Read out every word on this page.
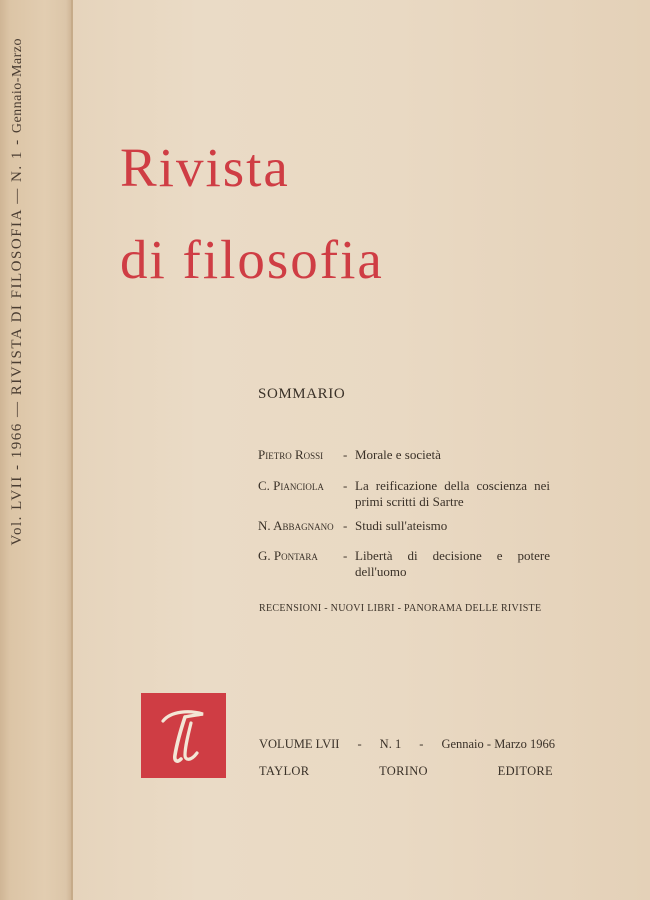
Vol. LVII - 1966 — RIVISTA DI FILOSOFIA — N. 1 - Gennaio-Marzo
Rivista
di filosofia
SOMMARIO
Pietro Rossi - Morale e società
C. Pianciola - La reificazione della coscienza nei primi scritti di Sartre
N. Abbagnano - Studi sull'ateismo
G. Pontara - Libertà di decisione e potere dell'uomo
RECENSIONI - NUOVI LIBRI - PANORAMA DELLE RIVISTE
Tl
VOLUME LVII - N. 1 - Gennaio - Marzo 1966
TAYLOR	TORINO	EDITORE
